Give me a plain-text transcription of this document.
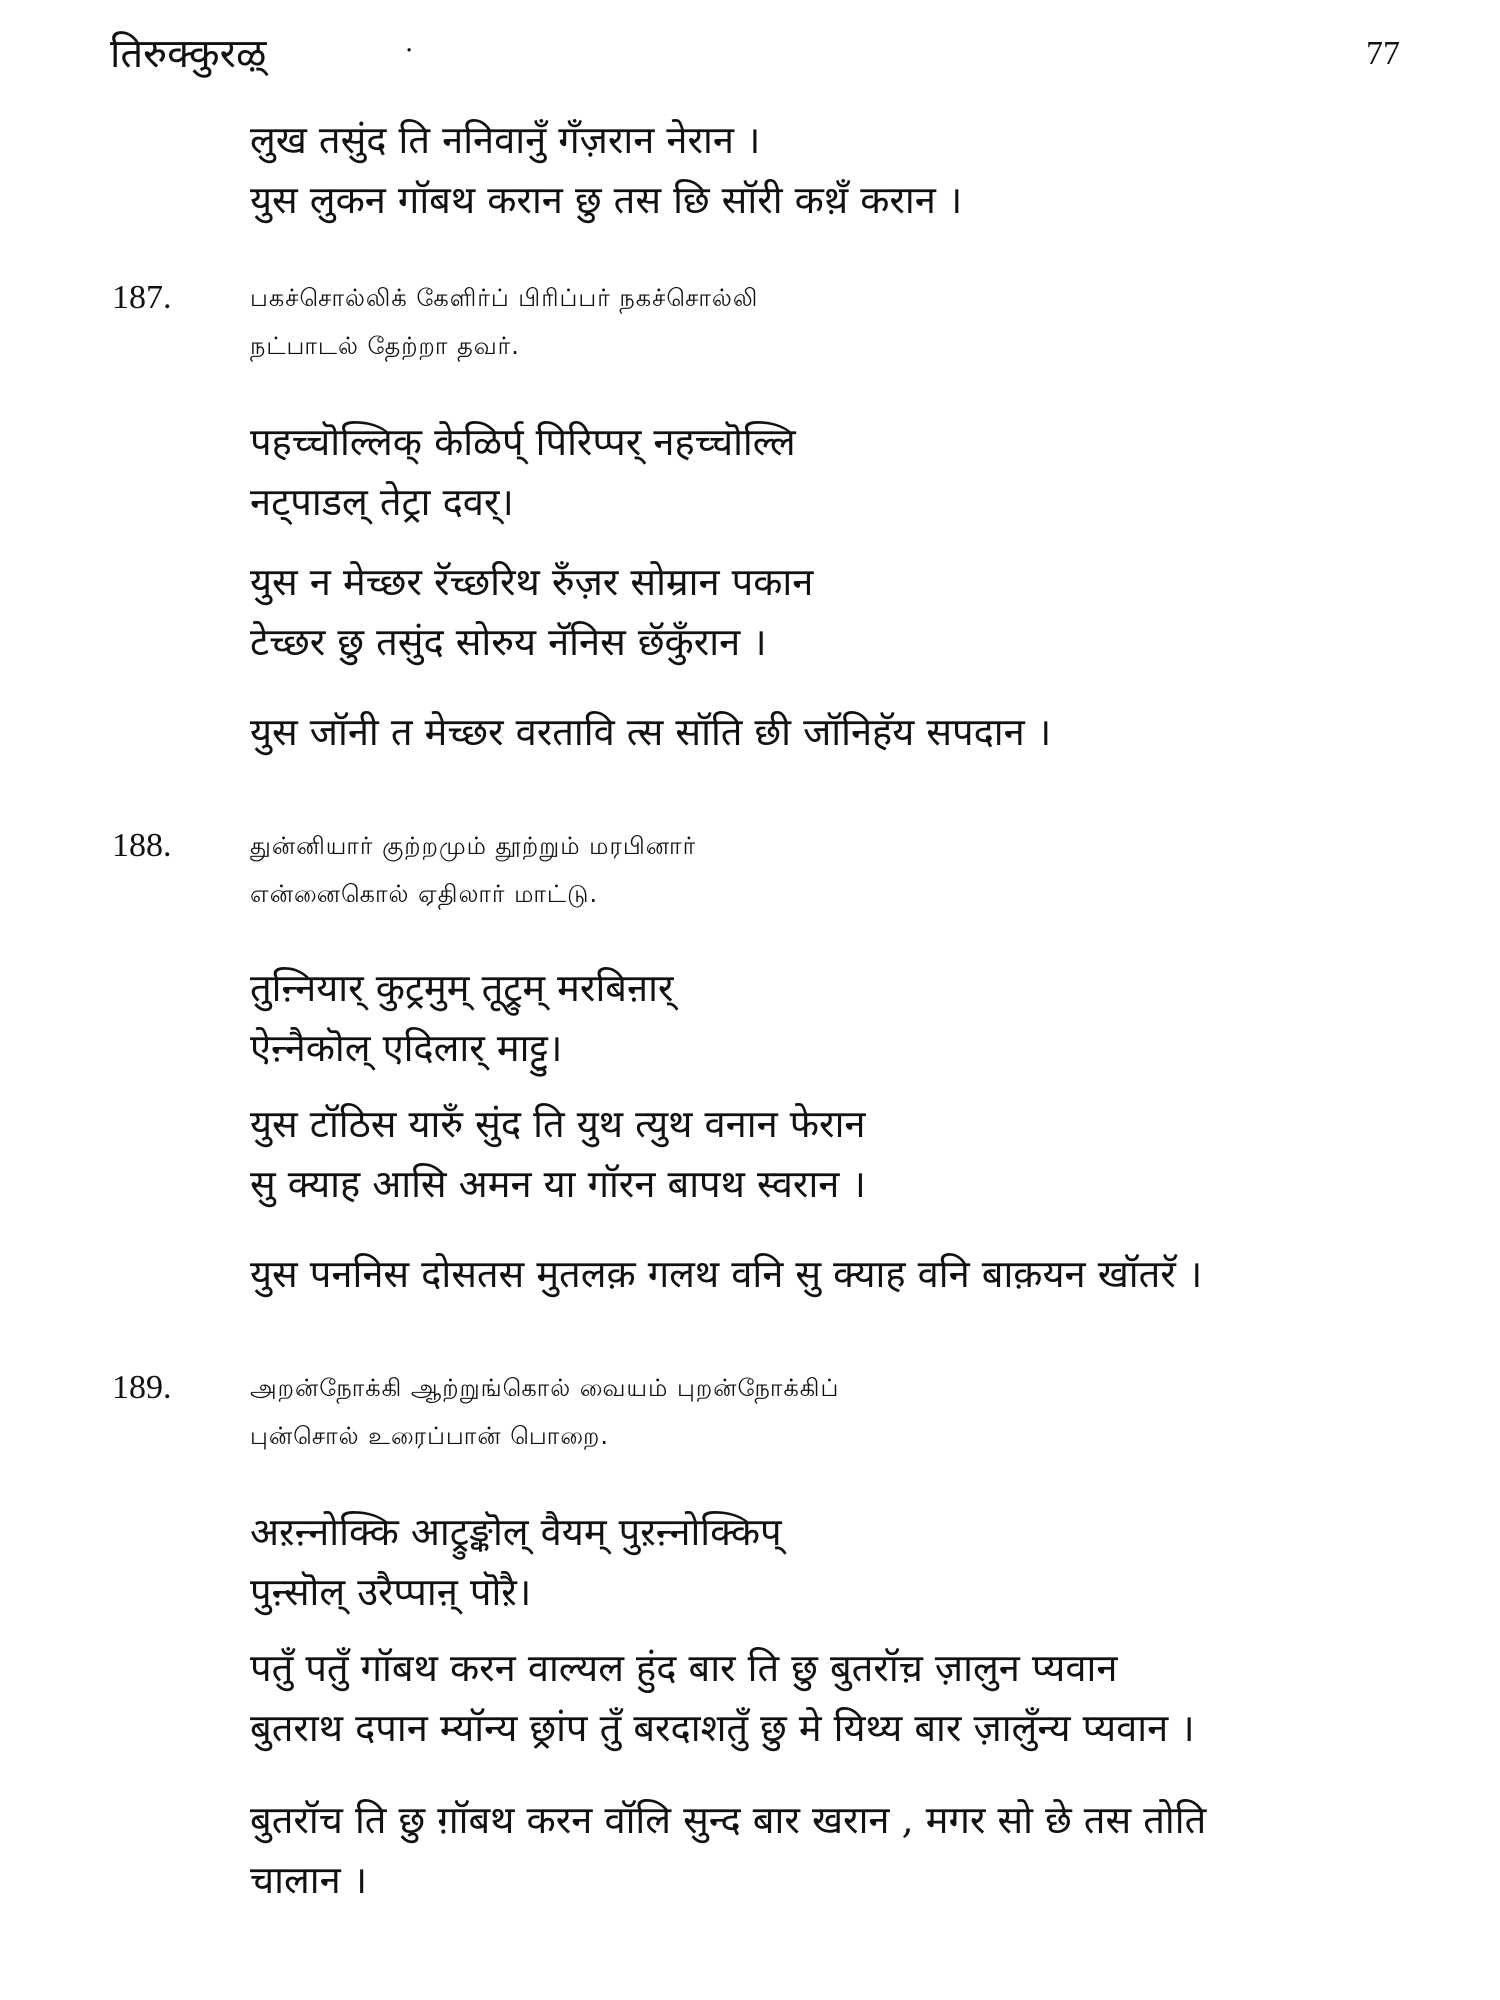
तिरुक्कुरऴ्	·	77
लुख तसुंद ति ननिवानुँ गँज़रान नेरान ।
युस लुकन गॉबथ करान छु तस छि सॉरी कथ़ँ करान ।
187.	பகச்சொல்லிக் கேளிர்ப் பிரிப்பர் நகச்சொல்லி
நட்பாடல் தேற்றா தவர்.
पहच्चॊल्लिक् केळिर्प् पिरिप्पर् नहच्चॊल्लि
नट्पाडल् तेट्रा दवर्।
युस न मेच्छर रॅच्छरिथ रुँज़र सोम्रान पकान
टेच्छर छु तसुंद सोरुय नॅनिस छॅकुँरान ।
युस जॉनी त मेच्छर वरतावि त्स सॉति छी जॉनिहॅय सपदान ।
188.	துன்னியார் குற்றமும் தூற்றும் மரபினார்
என்னைகொல் ஏதிலார் மாட்டு.
तुऩ्नियार् कुट्रमुम् तूट्रुम् मरबिऩार्
ऐऩ्नैकॊल् एदिलार् माट्टु।
युस टॉठिस यारुँ सुंद ति युथ त्युथ वनान फेरान
सु क्याह आसि अमन या गॉरन बापथ स्वरान ।
युस पननिस दोसतस मुतलक़ गलथ वनि सु क्याह वनि बाक़यन खॉतरॅ ।
189.	அறன்நோக்கி ஆற்றுங்கொல் வையம் புறன்நோக்கிப்
புன்சொல் உரைப்பான் பொறை.
अऱऩ्नोक्कि आट्रुङ्कॊल् वैयम् पुऱऩ्नोक्किप्
पुऩ्सॊल् उरैप्पाऩ् पॊऱै।
पतुँ पतुँ गॉबथ करन वाल्यल हुंद बार ति छु बुतरॉच़ ज़ालुन प्यवान
बुतराथ दपान म्यॉन्य छ्रांप तुँ बरदाशतुँ छु मे यिथ्य बार ज़ालुँन्य प्यवान ।
बुतरॉच ति छु ग़ॉबथ करन वॉलि सुन्द बार खरान , मगर सो छे तस तोति
चालान ।
